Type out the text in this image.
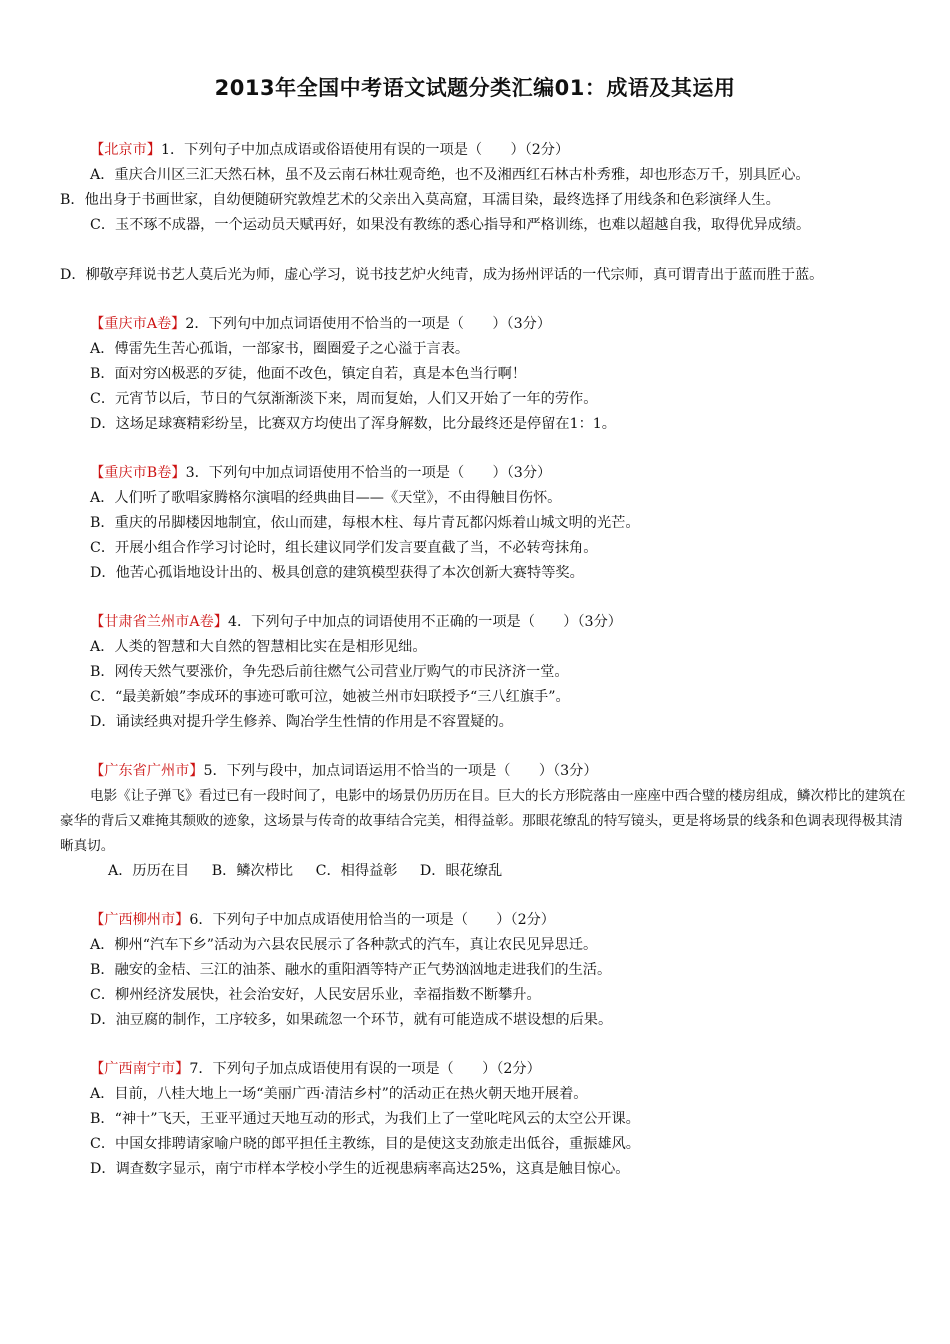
2013年全国中考语文试题分类汇编01：成语及其运用
【北京市】1．下列句子中加点成语或俗语使用有误的一项是（　　）（2分）
A．重庆合川区三汇天然石林，虽不及云南石林壮观奇绝，也不及湘西红石林古朴秀雅，却也形态万千，别具匠心。
B．他出身于书画世家，自幼便随研究敦煌艺术的父亲出入莫高窟，耳濡目染，最终选择了用线条和色彩演绎人生。
C．玉不琢不成器，一个运动员天赋再好，如果没有教练的悉心指导和严格训练，也难以超越自我，取得优异成绩。
D．柳敬亭拜说书艺人莫后光为师，虚心学习，说书技艺炉火纯青，成为扬州评话的一代宗师，真可谓青出于蓝而胜于蓝。
【重庆市A卷】2．下列句中加点词语使用不恰当的一项是（　　）（3分）
A．傅雷先生苦心孤诣，一部家书，圈圈爱子之心溢于言表。
B．面对穷凶极恶的歹徒，他面不改色，镇定自若，真是本色当行啊！
C．元宵节以后，节日的气氛渐渐淡下来，周而复始，人们又开始了一年的劳作。
D．这场足球赛精彩纷呈，比赛双方均使出了浑身解数，比分最终还是停留在1：1。
【重庆市B卷】3．下列句中加点词语使用不恰当的一项是（　　）（3分）
A．人们听了歌唱家腾格尔演唱的经典曲目——《天堂》，不由得触目伤怀。
B．重庆的吊脚楼因地制宜，依山而建，每根木柱、每片青瓦都闪烁着山城文明的光芒。
C．开展小组合作学习讨论时，组长建议同学们发言要直截了当，不必转弯抹角。
D．他苦心孤诣地设计出的、极具创意的建筑模型获得了本次创新大赛特等奖。
【甘肃省兰州市A卷】4．下列句子中加点的词语使用不正确的一项是（　　）（3分）
A．人类的智慧和大自然的智慧相比实在是相形见绌。
B．网传天然气要涨价，争先恐后前往燃气公司营业厅购气的市民济济一堂。
C．“最美新娘”李成环的事迹可歌可泣，她被兰州市妇联授予“三八红旗手”。
D．诵读经典对提升学生修养、陶冶学生性情的作用是不容置疑的。
【广东省广州市】5．下列与段中，加点词语运用不恰当的一项是（　　）（3分）
电影《让子弹飞》看过已有一段时间了，电影中的场景仍历历在目。巨大的长方形院落由一座座中西合璧的楼房组成，鳞次栉比的建筑在豪华的背后又难掩其颓败的迹象，这场景与传奇的故事结合完美，相得益彰。那眼花缭乱的特写镜头，更是将场景的线条和色调表现得极其清晰真切。
A．历历在目 B．鳞次栉比 C．相得益彰 D．眼花缭乱
【广西柳州市】6．下列句子中加点成语使用恰当的一项是（　　）（2分）
A．柳州“汽车下乡”活动为六县农民展示了各种款式的汽车，真让农民见异思迁。
B．融安的金桔、三江的油茶、融水的重阳酒等特产正气势汹汹地走进我们的生活。
C．柳州经济发展快，社会治安好，人民安居乐业，幸福指数不断攀升。
D．油豆腐的制作，工序较多，如果疏忽一个环节，就有可能造成不堪设想的后果。
【广西南宁市】7．下列句子加点成语使用有误的一项是（　　）（2分）
A．目前，八桂大地上一场“美丽广西·清洁乡村”的活动正在热火朝天地开展着。
B．“神十”飞天，王亚平通过天地互动的形式，为我们上了一堂叱咤风云的太空公开课。
C．中国女排聘请家喻户晓的郎平担任主教练，目的是使这支劲旅走出低谷，重振雄风。
D．调查数字显示，南宁市样本学校小学生的近视患病率高达25%，这真是触目惊心。
